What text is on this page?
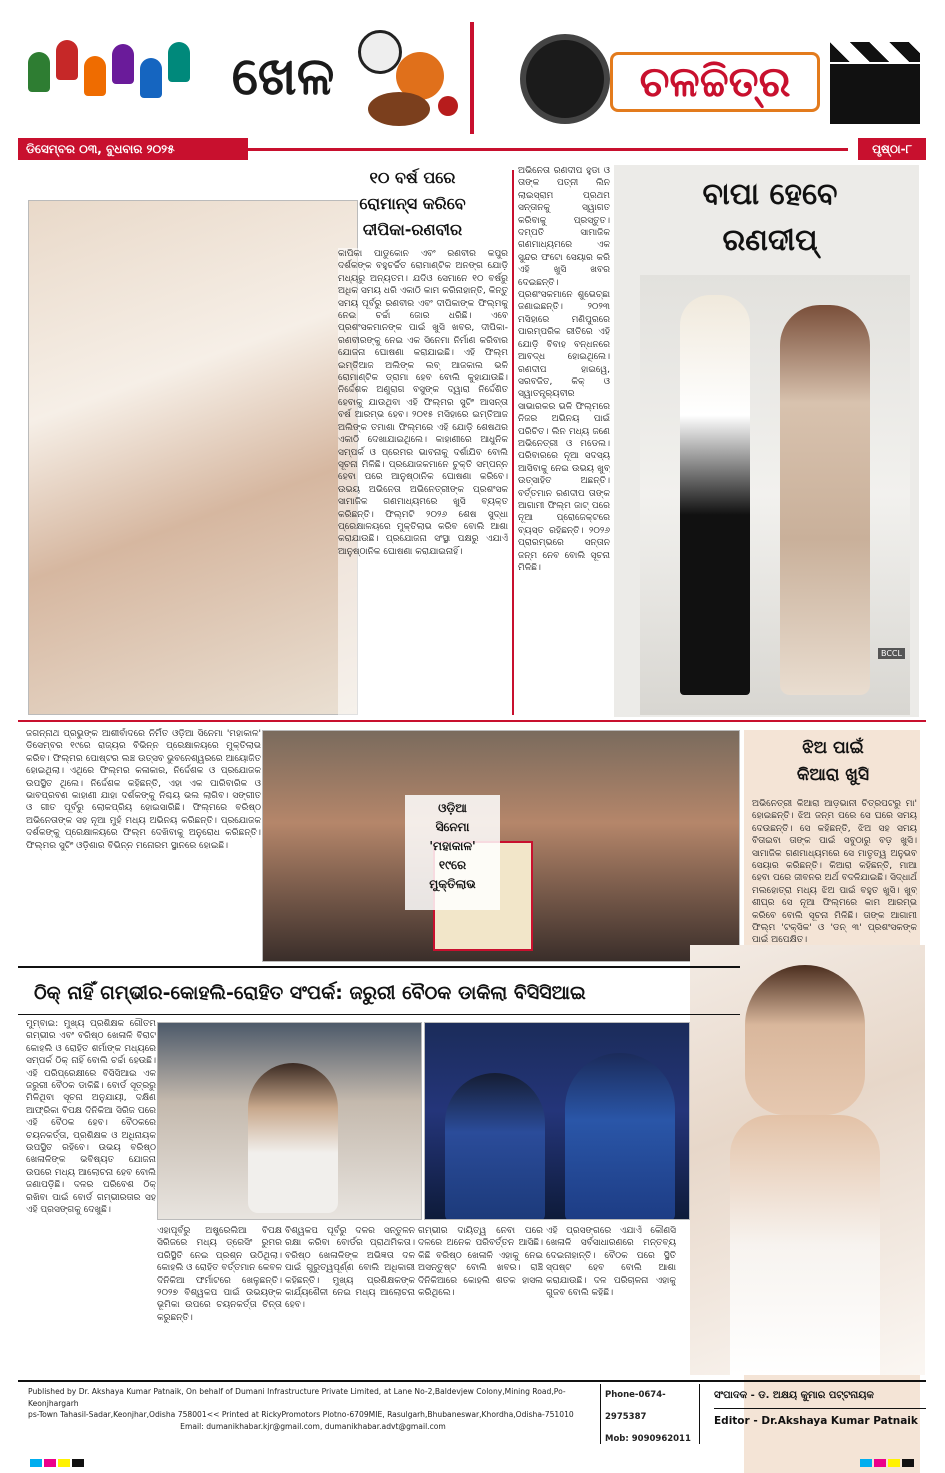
ଖେଳ	ଚଳଚ୍ଚିତ୍ର
ଡିସେମ୍ବର ୦୩, ବୁଧବାର ୨୦୨୫	ପୃଷ୍ଠା-୮
୧୦ ବର୍ଷ ପରେ
ରୋମାନ୍ସ କରିବେ
ଦୀପିକା-ରଣବୀର
କାପିକା ପାଡୁକୋନ ଏବଂ ରଣବୀର କପୁର ଦର୍ଶକଙ୍କ ବହୁଚର୍ଚ୍ଚିତ ରୋମାଣ୍ଟିକ ଅନଙ୍ଗ ଯୋଡ଼ି ମଧ୍ୟରୁ ଅନ୍ୟତମ। ଯଦିଓ ସେମାନେ ୧୦ ବର୍ଷରୁ ଅଧିକ ସମୟ ଧରି ଏକାଠି କାମ କରିନାହାନ୍ତି, କିନ୍ତୁ ସମୟ ପୂର୍ବରୁ ରଣବୀର ଏବଂ ଦୀପିକାଙ୍କ ଫିଲ୍ମକୁ ନେଇ ଚର୍ଚ୍ଚା ଜୋର ଧରିଛି। ଏବେ ପ୍ରଶଂସକମାନଙ୍କ ପାଇଁ ଖୁସି ଖବର, ଦୀପିକା-ରଣବୀରଙ୍କୁ ନେଇ ଏକ ସିନେମା ନିର୍ମାଣ କରିବାର ଯୋଜନା ଘୋଷଣା କରାଯାଇଛି। ଏହି ଫିଲ୍ମ ଇମ୍ତିଆଜ ଅଲିଙ୍କ ଲବ୍ ଆଜକାଲ ଭଳି ରୋମାଣ୍ଟିକ ଡ୍ରାମା ହେବ ବୋଲି କୁହାଯାଉଛି। ନିର୍ଦ୍ଦେଶକ ଅଣୁରାଗ ବସୁଙ୍କ ଦ୍ୱାରା ନିର୍ଦ୍ଦେଶିତ ହେବାକୁ ଯାଉଥିବା ଏହି ଫିଲ୍ମର ସୁଟିଂ ଆସନ୍ତା ବର୍ଷ ଆରମ୍ଭ ହେବ। ୨୦୧୫ ମସିହାରେ ଇମ୍ତିଆଜ ଅଲିଙ୍କ ତମାଶା ଫିଲ୍ମରେ ଏହି ଯୋଡ଼ି ଶେଷଥର ଏକାଠି ଦେଖାଯାଇଥିଲେ। କାହାଣୀରେ ଆଧୁନିକ ସମ୍ପର୍କ ଓ ପ୍ରେମର ଭାବନାକୁ ଦର୍ଶାଯିବ ବୋଲି ସୂଚନା ମିଳିଛି। ପ୍ରଯୋଜକମାନେ ଚୁକ୍ତି ସମ୍ପନ୍ନ ହେବା ପରେ ଆନୁଷ୍ଠାନିକ ଘୋଷଣା କରିବେ। ଉଭୟ ଅଭିନେତା ଅଭିନେତ୍ରୀଙ୍କ ପ୍ରଶଂସକ ସାମାଜିକ ଗଣମାଧ୍ୟମରେ ଖୁସି ବ୍ୟକ୍ତ କରିଛନ୍ତି। ଫିଲ୍ମଟି ୨୦୨୬ ଶେଷ ସୁଦ୍ଧା ପ୍ରେକ୍ଷାଳୟରେ ମୁକ୍ତିଲାଭ କରିବ ବୋଲି ଆଶା କରାଯାଉଛି। ପ୍ରଯୋଜନା ସଂସ୍ଥା ପକ୍ଷରୁ ଏଯାଏଁ ଆନୁଷ୍ଠାନିକ ଘୋଷଣା କରାଯାଇନାହିଁ।
ଅଭିନେତା ରଣଦୀପ ହୁଡା ଓ ତାଙ୍କ ପତ୍ନୀ ଲିନ ଲାଇସ୍ରାମ ପ୍ରଥମ ସନ୍ତାନକୁ ସ୍ୱାଗତ କରିବାକୁ ପ୍ରସ୍ତୁତ। ଦମ୍ପତି ସାମାଜିକ ଗଣମାଧ୍ୟମରେ ଏକ ସୁନ୍ଦର ଫଟୋ ସେୟାର କରି ଏହି ଖୁସି ଖବର ଦେଇଛନ୍ତି। ପ୍ରଶଂସକମାନେ ଶୁଭେଚ୍ଛା ଜଣାଇଛନ୍ତି। ୨୦୨୩ ମସିହାରେ ମଣିପୁରରେ ପାରମ୍ପରିକ ରୀତିରେ ଏହି ଯୋଡ଼ି ବିବାହ ବନ୍ଧନରେ ଆବଦ୍ଧ ହୋଇଥିଲେ। ରଣଦୀପ ହାଇୱେ, ସରବଜିତ, କିକ୍ ଓ ସ୍ୱାତନ୍ତ୍ର୍ୟବୀର ସାଭାରକର ଭଳି ଫିଲ୍ମରେ ନିଜର ଅଭିନୟ ପାଇଁ ପରିଚିତ। ଲିନ ମଧ୍ୟ ଜଣେ ଅଭିନେତ୍ରୀ ଓ ମଡେଲ। ପରିବାରରେ ନୂଆ ସଦସ୍ୟ ଆସିବାକୁ ନେଇ ଉଭୟ ଖୁବ୍ ଉତ୍ସାହିତ ଅଛନ୍ତି। ବର୍ତ୍ତମାନ ରଣଦୀପ ତାଙ୍କ ଆଗାମୀ ଫିଲ୍ମ ଜାଟ୍ ପରେ ନୂଆ ପ୍ରୋଜେକ୍ଟରେ ବ୍ୟସ୍ତ ରହିଛନ୍ତି। ୨୦୨୬ ପ୍ରାରମ୍ଭରେ ସନ୍ତାନ ଜନ୍ମ ନେବ ବୋଲି ସୂଚନା ମିଳିଛି।
ବାପା ହେବେ
ରଣଦୀପ୍
BCCL
ଜଗନ୍ନାଥ ପ୍ରଭୁଙ୍କ ଆଶୀର୍ବାଦରେ ନିର୍ମିତ ଓଡ଼ିଆ ସିନେମା 'ମହାକାଳ' ଡିସେମ୍ବର ୧୯ରେ ରାଜ୍ୟର ବିଭିନ୍ନ ପ୍ରେକ୍ଷାଳୟରେ ମୁକ୍ତିଲାଭ କରିବ। ଫିଲ୍ମର ପୋଷ୍ଟର ଲଞ୍ଚ ଉତ୍ସବ ଭୁବନେଶ୍ୱରରେ ଆୟୋଜିତ ହୋଇଥିଲା। ଏଥିରେ ଫିଲ୍ମର କଳାକାର, ନିର୍ଦ୍ଦେଶକ ଓ ପ୍ରଯୋଜକ ଉପସ୍ଥିତ ଥିଲେ। ନିର୍ଦ୍ଦେଶକ କହିଛନ୍ତି, ଏହା ଏକ ପାରିବାରିକ ଓ ଭାବପ୍ରବଣ କାହାଣୀ ଯାହା ଦର୍ଶକଙ୍କୁ ନିଶ୍ଚୟ ଭଲ ଲାଗିବ। ସଙ୍ଗୀତ ଓ ଗୀତ ପୂର୍ବରୁ ଲୋକପ୍ରିୟ ହୋଇସାରିଛି। ଫିଲ୍ମରେ ବରିଷ୍ଠ ଅଭିନେତାଙ୍କ ସହ ନୂଆ ମୁହଁ ମଧ୍ୟ ଅଭିନୟ କରିଛନ୍ତି। ପ୍ରଯୋଜକ ଦର୍ଶକଙ୍କୁ ପ୍ରେକ୍ଷାଳୟରେ ଫିଲ୍ମ ଦେଖିବାକୁ ଅନୁରୋଧ କରିଛନ୍ତି। ଫିଲ୍ମର ସୁଟିଂ ଓଡ଼ିଶାର ବିଭିନ୍ନ ମନୋରମ ସ୍ଥାନରେ ହୋଇଛି।
ଓଡ଼ିଆ
ସିନେମା
'ମହାକାଳ'
୧୯ରେ
ମୁକ୍ତିଲାଭ
ଝିଅ ପାଇଁ
କିଆରା ଖୁସି
ଅଭିନେତ୍ରୀ କିଆରା ଆଡ଼ଭାନୀ ଚିତ୍ରପଟରୁ ମା' ହୋଇଛନ୍ତି। ଝିଅ ଜନ୍ମ ପରେ ସେ ଘରେ ସମୟ ଦେଉଛନ୍ତି। ସେ କହିଛନ୍ତି, ଝିଅ ସହ ସମୟ ବିତାଇବା ତାଙ୍କ ପାଇଁ ସବୁଠାରୁ ବଡ଼ ଖୁସି। ସାମାଜିକ ଗଣମାଧ୍ୟମରେ ସେ ମାତୃତ୍ୱ ଅନୁଭବ ସେୟାର କରିଛନ୍ତି। କିଆରା କହିଛନ୍ତି, ମାଆ ହେବା ପରେ ଜୀବନର ଅର୍ଥ ବଦଳିଯାଇଛି। ସିଦ୍ଧାର୍ଥ ମଲହୋତ୍ରା ମଧ୍ୟ ଝିଅ ପାଇଁ ବହୁତ ଖୁସି। ଖୁବ୍ ଶୀଘ୍ର ସେ ନୂଆ ଫିଲ୍ମରେ କାମ ଆରମ୍ଭ କରିବେ ବୋଲି ସୂଚନା ମିଳିଛି। ତାଙ୍କ ଆଗାମୀ ଫିଲ୍ମ 'ଟକ୍ସିକ' ଓ 'ଡନ୍ ୩' ପ୍ରଶଂସକଙ୍କ ପାଇଁ ଅପେକ୍ଷିତ।
ଠିକ୍ ନାହିଁ ଗମ୍ଭୀର-କୋହଲି-ରୋହିତ ସଂପର୍କ: ଜରୁରୀ ବୈଠକ ଡାକିଲା ବିସିସିଆଇ
ମୁମ୍ବାଇ: ମୁଖ୍ୟ ପ୍ରଶିକ୍ଷକ ଗୌତମ ଗମ୍ଭୀର ଏବଂ ବରିଷ୍ଠ ଖେଳାଳି ବିରାଟ କୋହଲି ଓ ରୋହିତ ଶର୍ମାଙ୍କ ମଧ୍ୟରେ ସମ୍ପର୍କ ଠିକ୍ ନାହିଁ ବୋଲି ଚର୍ଚ୍ଚା ହେଉଛି। ଏହି ପରିପ୍ରେକ୍ଷୀରେ ବିସିସିଆଇ ଏକ ଜରୁରୀ ବୈଠକ ଡାକିଛି। ବୋର୍ଡ ସୂତ୍ରରୁ ମିଳିଥିବା ସୂଚନା ଅନୁଯାୟୀ, ଦକ୍ଷିଣ ଆଫ୍ରିକା ବିପକ୍ଷ ଦିନିକିଆ ସିରିଜ ପରେ ଏହି ବୈଠକ ହେବ। ବୈଠକରେ ଚୟନକର୍ତ୍ତା, ପ୍ରଶିକ୍ଷକ ଓ ଅଧିନାୟକ ଉପସ୍ଥିତ ରହିବେ। ଉଭୟ ବରିଷ୍ଠ ଖେଳାଳିଙ୍କ ଭବିଷ୍ୟତ ଯୋଜନା ଉପରେ ମଧ୍ୟ ଆଲୋଚନା ହେବ ବୋଲି ଜଣାପଡ଼ିଛି। ଦଳର ପରିବେଶ ଠିକ୍ ରଖିବା ପାଇଁ ବୋର୍ଡ ଗମ୍ଭୀରତାର ସହ ଏହି ପ୍ରସଙ୍ଗକୁ ଦେଖୁଛି।
ଏହାପୂର୍ବରୁ ଅଷ୍ଟ୍ରେଲିଆ ବିପକ୍ଷ ସିରିଜରେ ମଧ୍ୟ ଡ୍ରେସିଂ ରୁମର ପରିସ୍ଥିତି ନେଇ ପ୍ରଶ୍ନ ଉଠିଥିଲା। କୋହଲି ଓ ରୋହିତ ବର୍ତ୍ତମାନ କେବଳ ଦିନିକିଆ ଫର୍ମାଟରେ ଖେଳୁଛନ୍ତି। ୨୦୨୭ ବିଶ୍ୱକପ ପାଇଁ ଉଭୟଙ୍କ ଭୂମିକା ଉପରେ ଚୟନକର୍ତ୍ତା ଚିନ୍ତା କରୁଛନ୍ତି।
ବିଶ୍ୱକପ ପୂର୍ବରୁ ଦଳର ସନ୍ତୁଳନ ରକ୍ଷା କରିବା ବୋର୍ଡର ପ୍ରାଥମିକତା। ବରିଷ୍ଠ ଖେଳାଳିଙ୍କ ଅଭିଜ୍ଞତା ଦଳ ପାଇଁ ଗୁରୁତ୍ୱପୂର୍ଣ୍ଣ ବୋଲି ଅଧିକାରୀ କହିଛନ୍ତି। ମୁଖ୍ୟ ପ୍ରଶିକ୍ଷକଙ୍କ କାର୍ଯ୍ୟଶୈଳୀ ନେଇ ମଧ୍ୟ ଆଲୋଚନା ହେବ।
ଗମ୍ଭୀର ଦାୟିତ୍ୱ ନେବା ପରେ ଦଳରେ ଅନେକ ପରିବର୍ତ୍ତନ ଆସିଛି। କିଛି ବରିଷ୍ଠ ଖେଳାଳି ଏହାକୁ ନେଇ ଅସନ୍ତୁଷ୍ଟ ବୋଲି ଖବର। ରାଞ୍ଚି ଦିନିକିଆରେ କୋହଲି ଶତକ ହାସଲ କରିଥିଲେ।
ଏହି ପ୍ରସଙ୍ଗରେ ଏଯାଏଁ କୌଣସି ଖେଳାଳି ସର୍ବସାଧାରଣରେ ମନ୍ତବ୍ୟ ଦେଇନାହାନ୍ତି। ବୈଠକ ପରେ ସ୍ଥିତି ସ୍ପଷ୍ଟ ହେବ ବୋଲି ଆଶା କରାଯାଉଛି। ଦଳ ପରିଚାଳନା ଏହାକୁ ଗୁଜବ ବୋଲି କହିଛି।
Published by Dr. Akshaya Kumar Patnaik, On behalf of Dumani Infrastructure Private Limited, at Lane No-2,Baldevjew Colony,Mining Road,Po-Keonjhargarh
ps-Town Tahasil-Sadar,Keonjhar,Odisha 758001<< Printed at RickyPromotors Plotno-6709MIE, Rasulgarh,Bhubaneswar,Khordha,Odisha-751010
Email: dumanikhabar.kjr@gmail.com, dumanikhabar.advt@gmail.com
Phone-0674-2975387
Mob: 9090962011
ସଂପାଦକ - ଡ. ଅକ୍ଷୟ କୁମାର ପଟ୍ଟନାୟକ
Editor - Dr.Akshaya Kumar Patnaik
